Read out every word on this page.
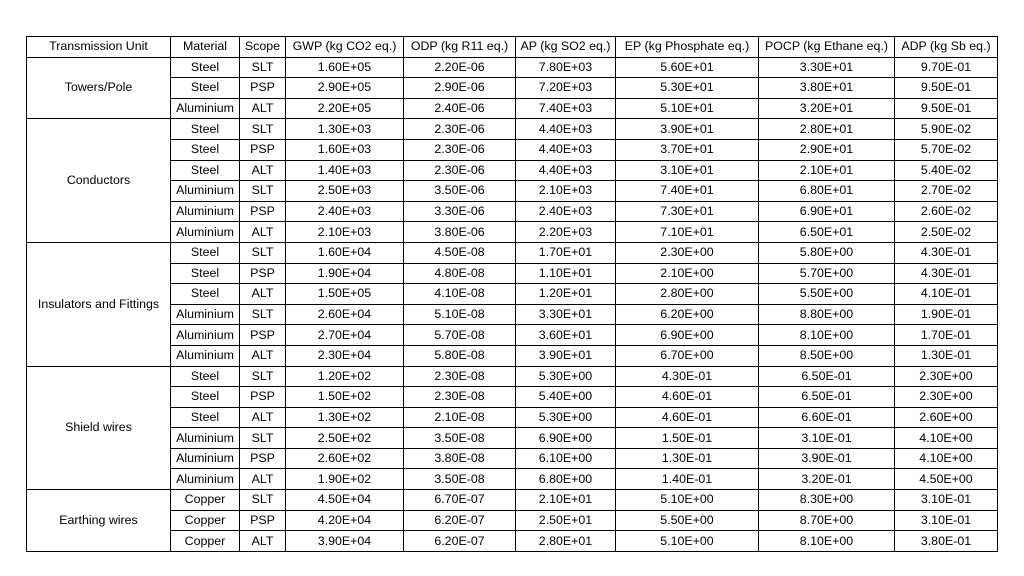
Transmission Unit	Material	Scope	GWP (kg CO2 eq.)	ODP (kg R11 eq.)	AP (kg SO2 eq.)	EP (kg Phosphate eq.)	POCP (kg Ethane eq.)	ADP (kg Sb eq.)
Towers/Pole	Steel	SLT	1.60E+05	2.20E-06	7.80E+03	5.60E+01	3.30E+01	9.70E-01
	Steel	PSP	2.90E+05	2.90E-06	7.20E+03	5.30E+01	3.80E+01	9.50E-01
	Aluminium	ALT	2.20E+05	2.40E-06	7.40E+03	5.10E+01	3.20E+01	9.50E-01
Conductors	Steel	SLT	1.30E+03	2.30E-06	4.40E+03	3.90E+01	2.80E+01	5.90E-02
	Steel	PSP	1.60E+03	2.30E-06	4.40E+03	3.70E+01	2.90E+01	5.70E-02
	Steel	ALT	1.40E+03	2.30E-06	4.40E+03	3.10E+01	2.10E+01	5.40E-02
	Aluminium	SLT	2.50E+03	3.50E-06	2.10E+03	7.40E+01	6.80E+01	2.70E-02
	Aluminium	PSP	2.40E+03	3.30E-06	2.40E+03	7.30E+01	6.90E+01	2.60E-02
	Aluminium	ALT	2.10E+03	3.80E-06	2.20E+03	7.10E+01	6.50E+01	2.50E-02
Insulators and Fittings	Steel	SLT	1.60E+04	4.50E-08	1.70E+01	2.30E+00	5.80E+00	4.30E-01
	Steel	PSP	1.90E+04	4.80E-08	1.10E+01	2.10E+00	5.70E+00	4.30E-01
	Steel	ALT	1.50E+05	4.10E-08	1.20E+01	2.80E+00	5.50E+00	4.10E-01
	Aluminium	SLT	2.60E+04	5.10E-08	3.30E+01	6.20E+00	8.80E+00	1.90E-01
	Aluminium	PSP	2.70E+04	5.70E-08	3.60E+01	6.90E+00	8.10E+00	1.70E-01
	Aluminium	ALT	2.30E+04	5.80E-08	3.90E+01	6.70E+00	8.50E+00	1.30E-01
Shield wires	Steel	SLT	1.20E+02	2.30E-08	5.30E+00	4.30E-01	6.50E-01	2.30E+00
	Steel	PSP	1.50E+02	2.30E-08	5.40E+00	4.60E-01	6.50E-01	2.30E+00
	Steel	ALT	1.30E+02	2.10E-08	5.30E+00	4.60E-01	6.60E-01	2.60E+00
	Aluminium	SLT	2.50E+02	3.50E-08	6.90E+00	1.50E-01	3.10E-01	4.10E+00
	Aluminium	PSP	2.60E+02	3.80E-08	6.10E+00	1.30E-01	3.90E-01	4.10E+00
	Aluminium	ALT	1.90E+02	3.50E-08	6.80E+00	1.40E-01	3.20E-01	4.50E+00
Earthing wires	Copper	SLT	4.50E+04	6.70E-07	2.10E+01	5.10E+00	8.30E+00	3.10E-01
	Copper	PSP	4.20E+04	6.20E-07	2.50E+01	5.50E+00	8.70E+00	3.10E-01
	Copper	ALT	3.90E+04	6.20E-07	2.80E+01	5.10E+00	8.10E+00	3.80E-01
